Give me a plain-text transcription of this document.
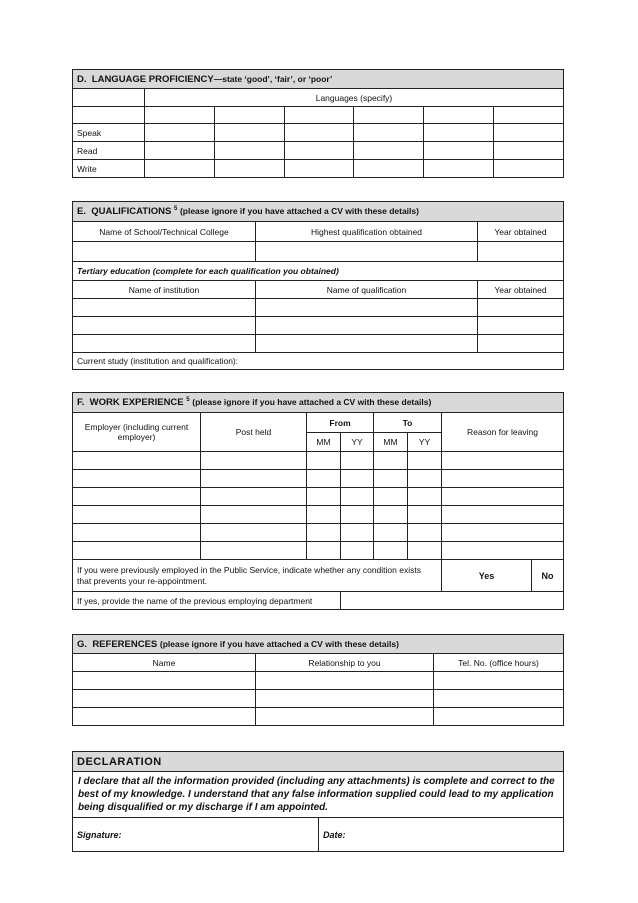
D. LANGUAGE PROFICIENCY—state ‘good’, ‘fair’, or ‘poor’						
	Languages (specify)					

Speak						
Read						
Write						
E. QUALIFICATIONS $^5$ (please ignore if you have attached a CV with these details)		
Name of School/Technical College	Highest qualification obtained	Year obtained

Tertiary education (complete for each qualification you obtained)		
Name of institution	Name of qualification	Year obtained

Current study (institution and qualification):		
F. WORK EXPERIENCE $^5$ (please ignore if you have attached a CV with these details)							
Employer (including current employer)	Post held	From		To		Reason for leaving	
		MM	YY	MM	YY		

If you were previously employed in the Public Service, indicate whether any condition exists that prevents your re-appointment.						Yes	No
If yes, provide the name of the previous employing department							
G. REFERENCES (please ignore if you have attached a CV with these details)		
Name	Relationship to you	Tel. No. (office hours)

DECLARATION
I declare that all the information provided (including any attachments) is complete and correct to the best of my knowledge. I understand that any false information supplied could lead to my application being disqualified or my discharge if I am appointed.
Signature:	Date:
